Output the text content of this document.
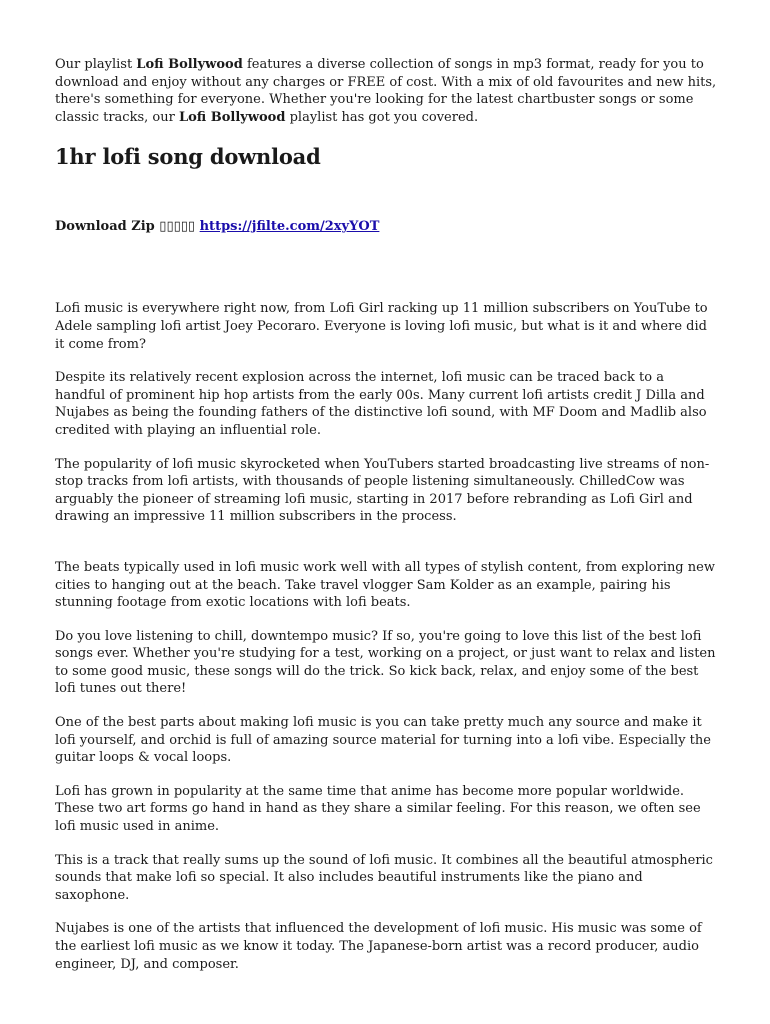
Our playlist Lofi Bollywood features a diverse collection of songs in mp3 format, ready for you to download and enjoy without any charges or FREE of cost. With a mix of old favourites and new hits, there's something for everyone. Whether you're looking for the latest chartbuster songs or some classic tracks, our Lofi Bollywood playlist has got you covered.

1hr lofi song download

Download Zip ▯▯▯▯▯ https://jfilte.com/2xyYOT

Lofi music is everywhere right now, from Lofi Girl racking up 11 million subscribers on YouTube to Adele sampling lofi artist Joey Pecoraro. Everyone is loving lofi music, but what is it and where did it come from?

Despite its relatively recent explosion across the internet, lofi music can be traced back to a handful of prominent hip hop artists from the early 00s. Many current lofi artists credit J Dilla and Nujabes as being the founding fathers of the distinctive lofi sound, with MF Doom and Madlib also credited with playing an influential role.

The popularity of lofi music skyrocketed when YouTubers started broadcasting live streams of non-stop tracks from lofi artists, with thousands of people listening simultaneously. ChilledCow was arguably the pioneer of streaming lofi music, starting in 2017 before rebranding as Lofi Girl and drawing an impressive 11 million subscribers in the process.

The beats typically used in lofi music work well with all types of stylish content, from exploring new cities to hanging out at the beach. Take travel vlogger Sam Kolder as an example, pairing his stunning footage from exotic locations with lofi beats.

Do you love listening to chill, downtempo music? If so, you're going to love this list of the best lofi songs ever. Whether you're studying for a test, working on a project, or just want to relax and listen to some good music, these songs will do the trick. So kick back, relax, and enjoy some of the best lofi tunes out there!

One of the best parts about making lofi music is you can take pretty much any source and make it lofi yourself, and orchid is full of amazing source material for turning into a lofi vibe. Especially the guitar loops & vocal loops.

Lofi has grown in popularity at the same time that anime has become more popular worldwide. These two art forms go hand in hand as they share a similar feeling. For this reason, we often see lofi music used in anime.

This is a track that really sums up the sound of lofi music. It combines all the beautiful atmospheric sounds that make lofi so special. It also includes beautiful instruments like the piano and saxophone.

Nujabes is one of the artists that influenced the development of lofi music. His music was some of the earliest lofi music as we know it today. The Japanese-born artist was a record producer, audio engineer, DJ, and composer.
